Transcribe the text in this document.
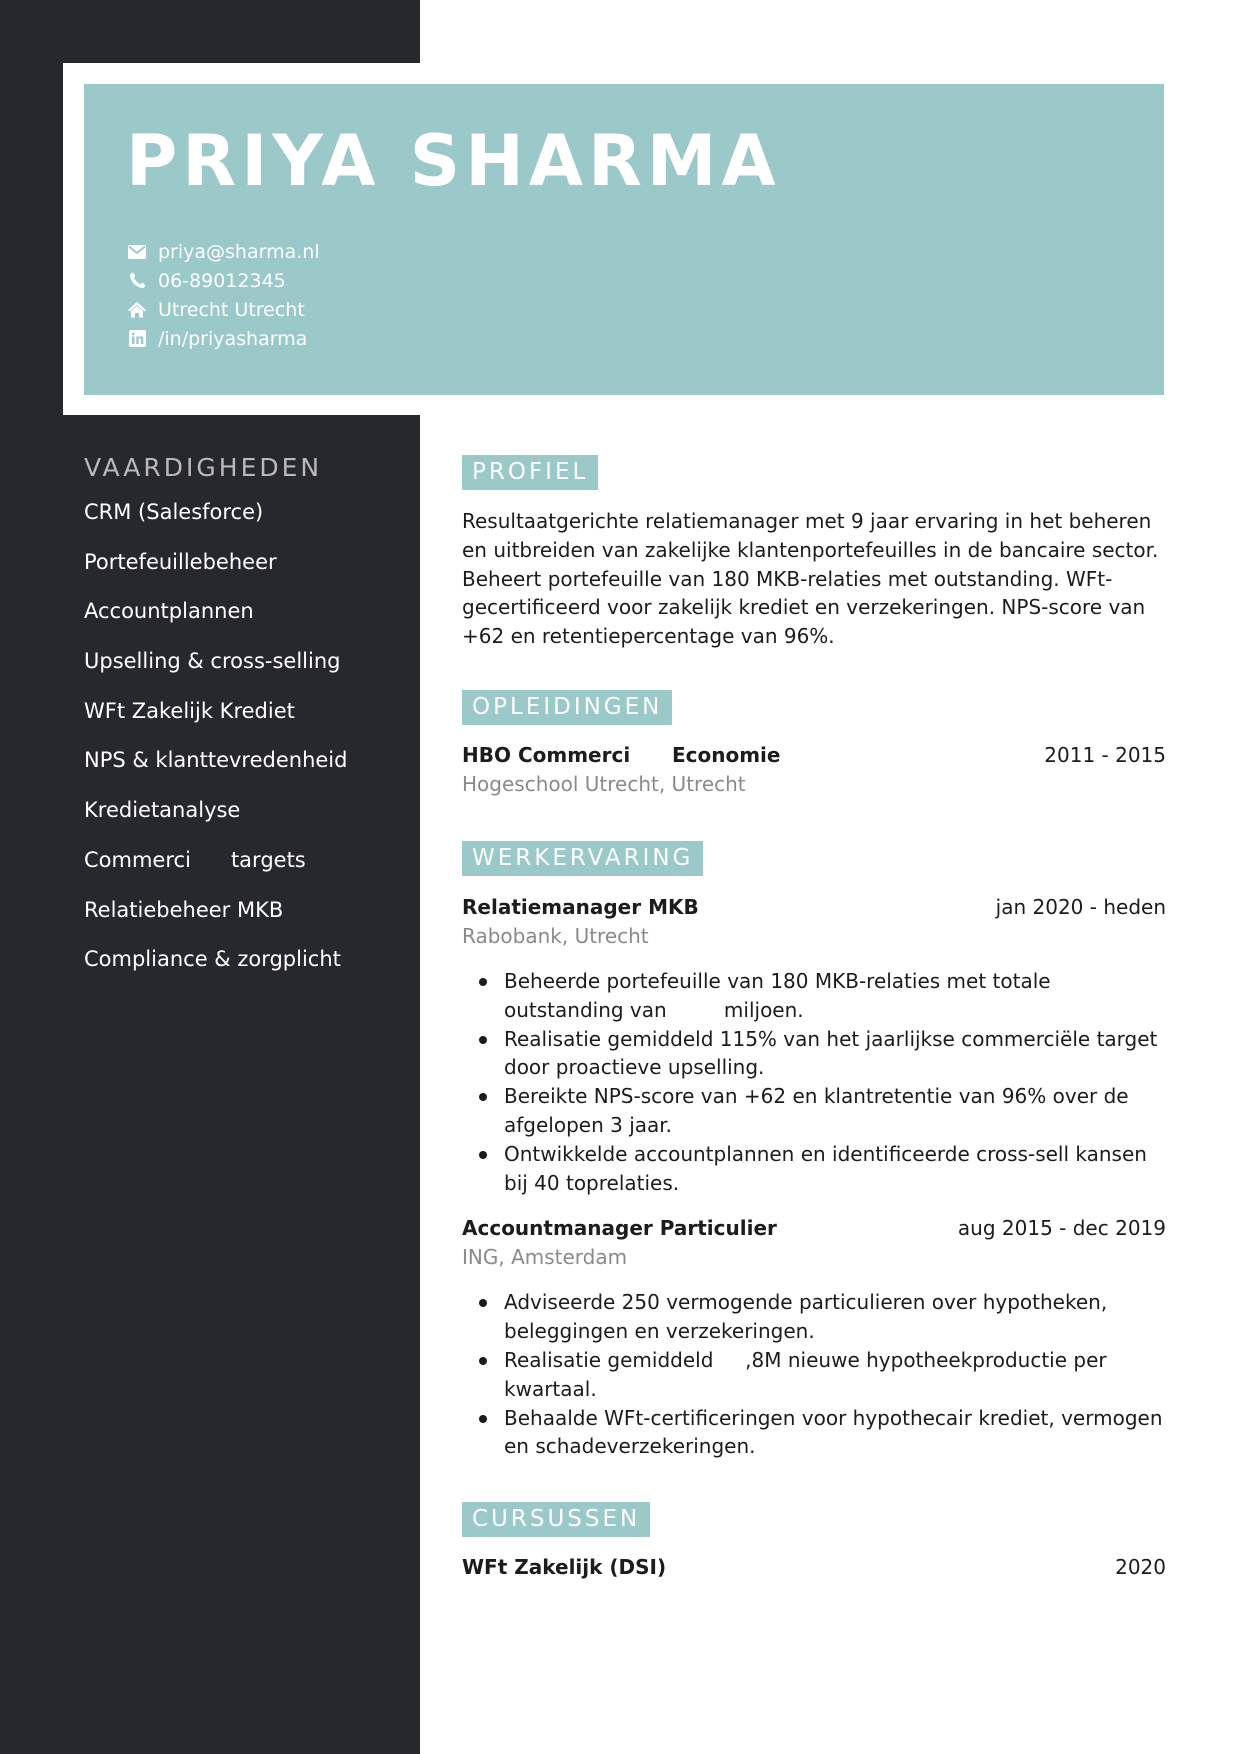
PRIYA SHARMA
priya@sharma.nl
06-89012345
Utrecht Utrecht
/in/priyasharma
VAARDIGHEDEN
CRM (Salesforce)
Portefeuillebeheer
Accountplannen
Upselling & cross-selling
WFt Zakelijk Krediet
NPS & klanttevredenheid
Kredietanalyse
Commerci      targets
Relatiebeheer MKB
Compliance & zorgplicht
PROFIEL

Resultaatgerichte relatiemanager met 9 jaar ervaring in het beheren en uitbreiden van zakelijke klantenportefeuilles in de bancaire sector. Beheert portefeuille van 180 MKB-relaties met outstanding. WFt-gecertificeerd voor zakelijk krediet en verzekeringen. NPS-score van +62 en retentiepercentage van 96%.

OPLEIDINGEN
HBO Commerci      Economie	2011 - 2015
Hogeschool Utrecht, Utrecht
WERKERVARING
Relatiemanager MKB	jan 2020 - heden
Rabobank, Utrecht
Beheerde portefeuille van 180 MKB-relaties met totale outstanding van         miljoen.
Realisatie gemiddeld 115% van het jaarlijkse commerciële target door proactieve upselling.
Bereikte NPS-score van +62 en klantretentie van 96% over de afgelopen 3 jaar.
Ontwikkelde accountplannen en identificeerde cross-sell kansen bij 40 toprelaties.
Accountmanager Particulier	aug 2015 - dec 2019
ING, Amsterdam
Adviseerde 250 vermogende particulieren over hypotheken, beleggingen en verzekeringen.
Realisatie gemiddeld     ,8M nieuwe hypotheekproductie per kwartaal.
Behaalde WFt-certificeringen voor hypothecair krediet, vermogen en schadeverzekeringen.
CURSUSSEN
WFt Zakelijk (DSI)	2020
